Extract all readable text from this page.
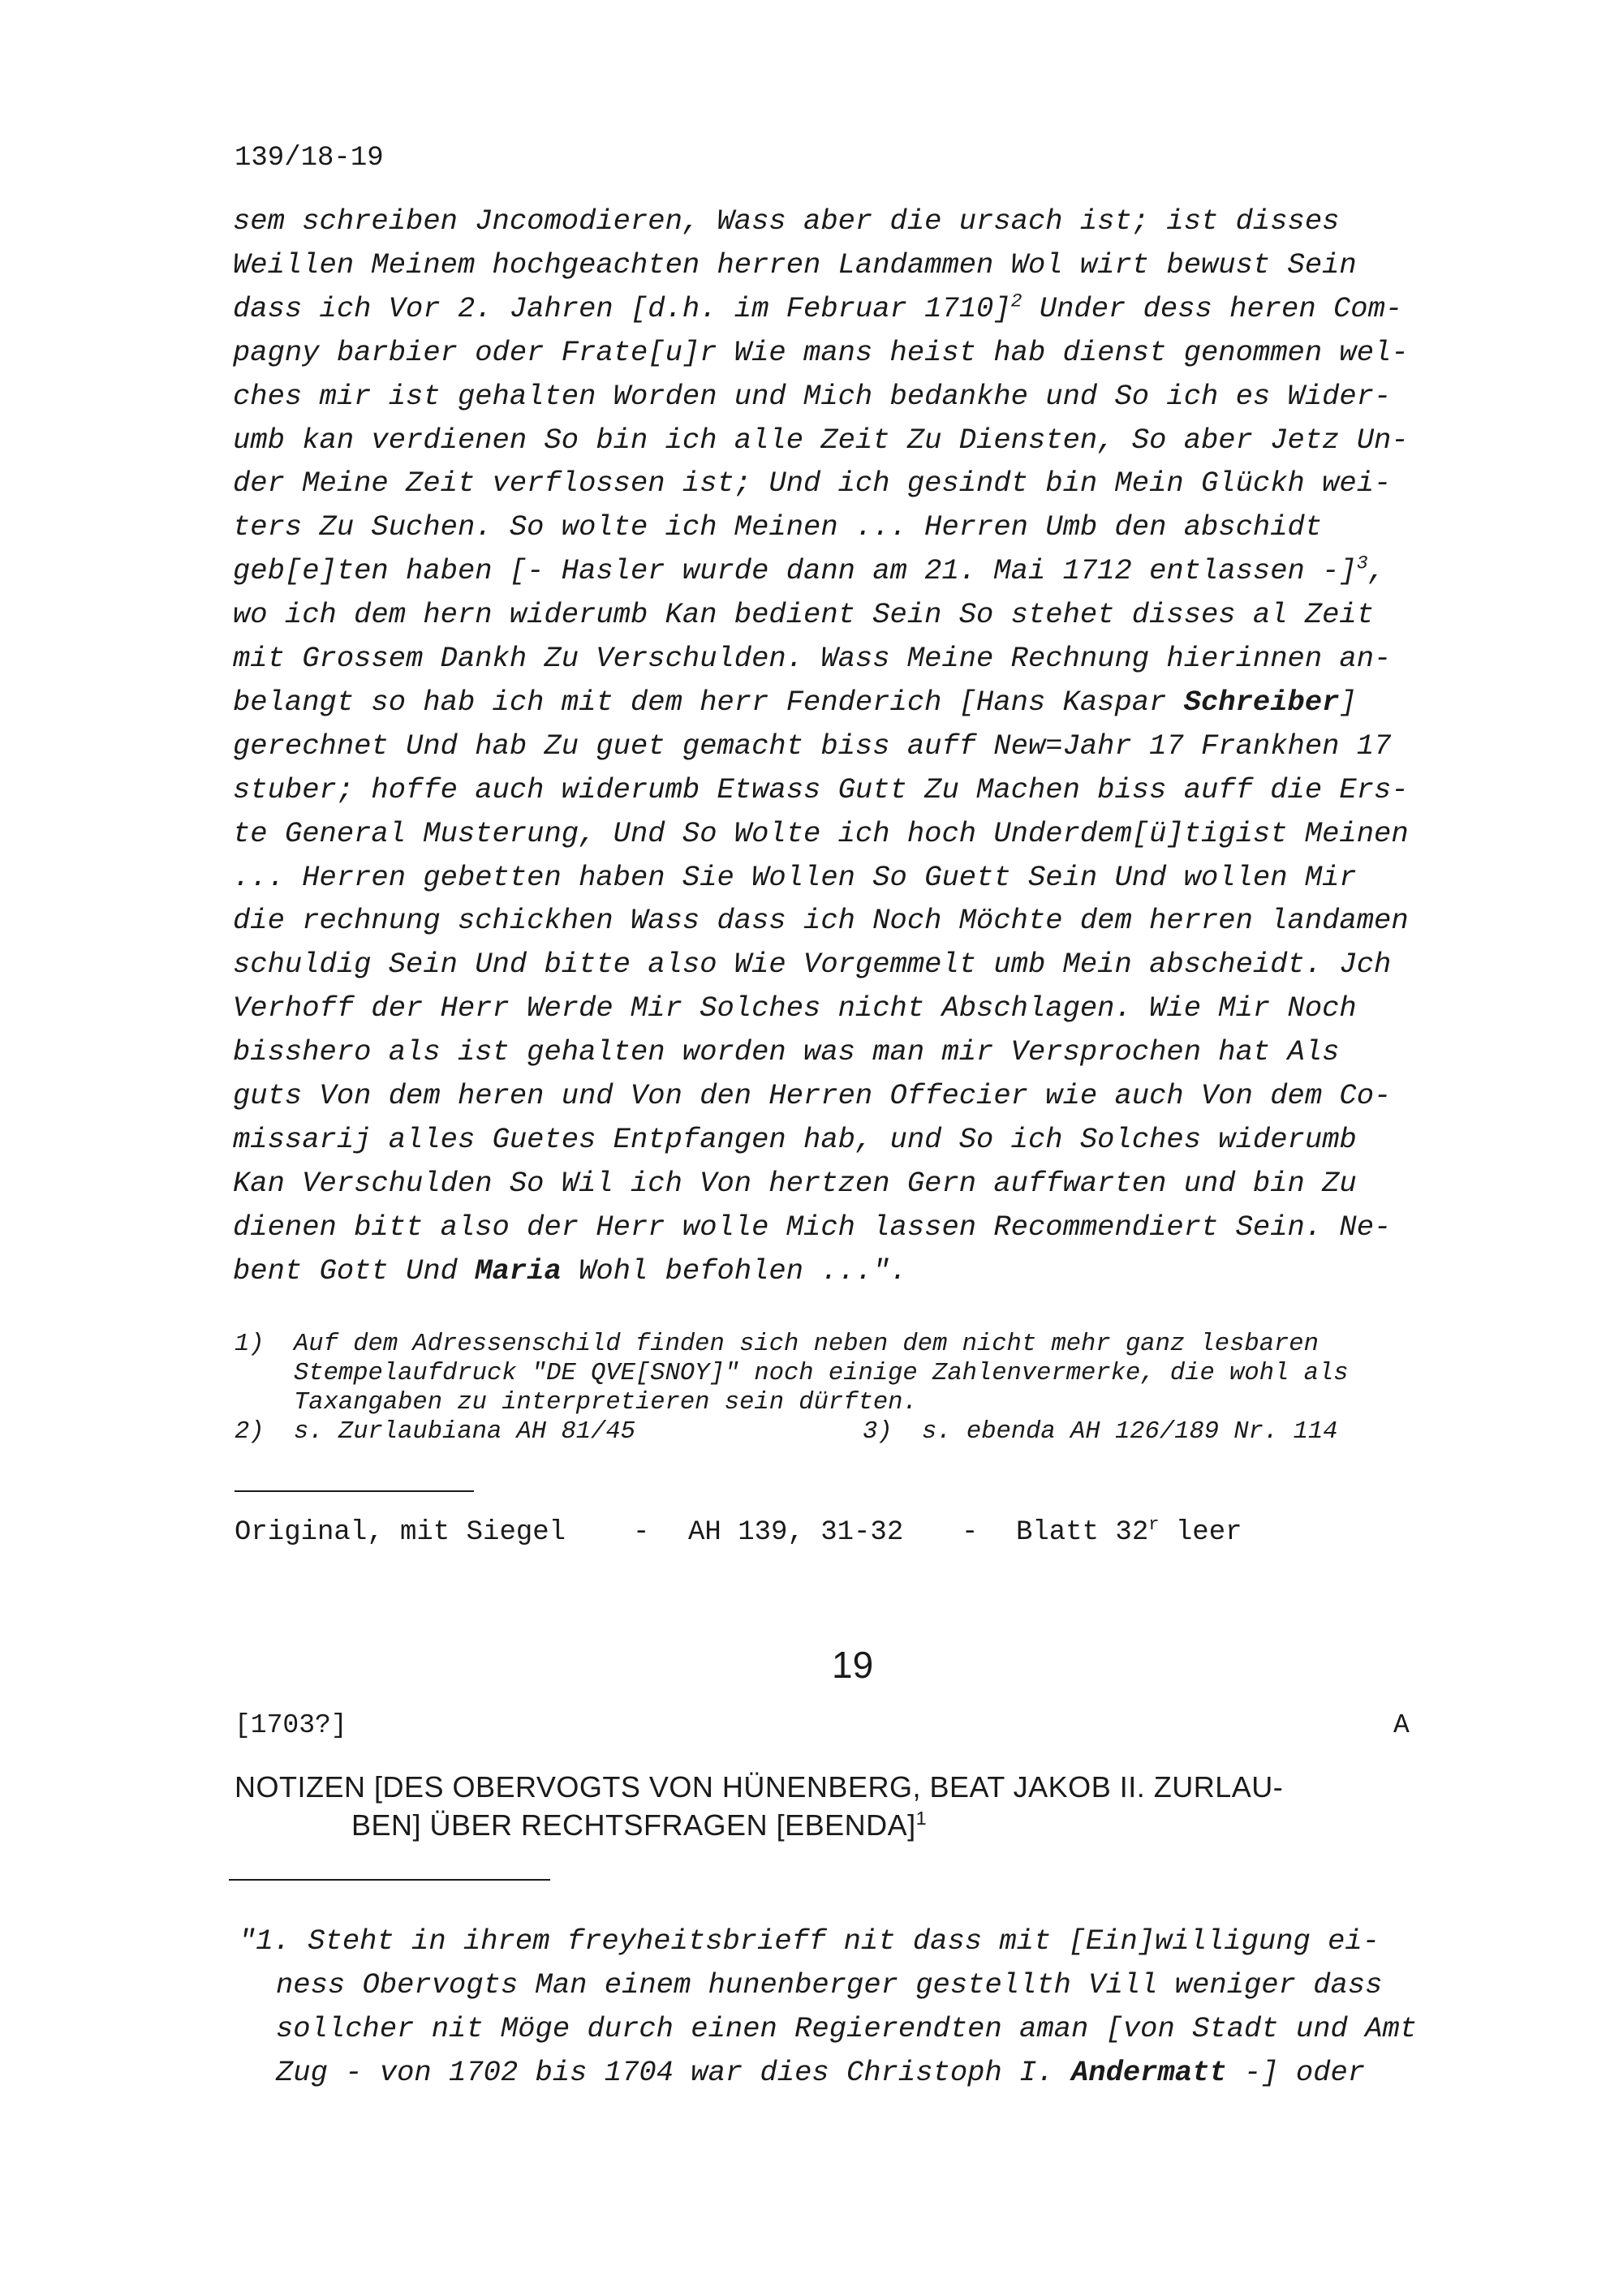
139/18-19
sem schreiben Jncomodieren, Wass aber die ursach ist; ist disses
Weillen Meinem hochgeachten herren Landammen Wol wirt bewust Sein
dass ich Vor 2. Jahren [d.h. im Februar 1710]$^2$ Under dess heren Com-
pagny barbier oder Frate[u]r Wie mans heist hab dienst genommen wel-
ches mir ist gehalten Worden und Mich bedankhe und So ich es Wider-
umb kan verdienen So bin ich alle Zeit Zu Diensten, So aber Jetz Un-
der Meine Zeit verflossen ist; Und ich gesindt bin Mein Glückh wei-
ters Zu Suchen. So wolte ich Meinen ... Herren Umb den abschidt
geb[e]ten haben [- Hasler wurde dann am 21. Mai 1712 entlassen -]$^3$,
wo ich dem hern widerumb Kan bedient Sein So stehet disses al Zeit
mit Grossem Dankh Zu Verschulden. Wass Meine Rechnung hierinnen an-
belangt so hab ich mit dem herr Fenderich [Hans Kaspar Schreiber]
gerechnet Und hab Zu guet gemacht biss auff New=Jahr 17 Frankhen 17
stuber; hoffe auch widerumb Etwass Gutt Zu Machen biss auff die Ers-
te General Musterung, Und So Wolte ich hoch Underdem[ü]tigist Meinen
... Herren gebetten haben Sie Wollen So Guett Sein Und wollen Mir
die rechnung schickhen Wass dass ich Noch Möchte dem herren landamen
schuldig Sein Und bitte also Wie Vorgemmelt umb Mein abscheidt. Jch
Verhoff der Herr Werde Mir Solches nicht Abschlagen. Wie Mir Noch
bisshero als ist gehalten worden was man mir Versprochen hat Als
guts Von dem heren und Von den Herren Offecier wie auch Von dem Co-
missarij alles Guetes Entpfangen hab, und So ich Solches widerumb
Kan Verschulden So Wil ich Von hertzen Gern auffwarten und bin Zu
dienen bitt also der Herr wolle Mich lassen Recommendiert Sein. Ne-
bent Gott Und Maria Wohl befohlen ...".
1) Auf dem Adressenschild finden sich neben dem nicht mehr ganz lesbaren
Stempelaufdruck "DE QVE[SNOY]" noch einige Zahlenvermerke, die wohl als
Taxangaben zu interpretieren sein dürften.
2) s. Zurlaubiana AH 81/45	3) s. ebenda AH 126/189 Nr. 114
Original, mit Siegel - AH 139, 31-32 - Blatt 32$^r$ leer
19
[1703?]	A
NOTIZEN [DES OBERVOGTS VON HÜNENBERG, BEAT JAKOB II. ZURLAU-
BEN] ÜBER RECHTSFRAGEN [EBENDA]$^1$
"1. Steht in ihrem freyheitsbrieff nit dass mit [Ein]willigung ei-
ness Obervogts Man einem hunenberger gestellth Vill weniger dass
sollcher nit Möge durch einen Regierendten aman [von Stadt und Amt
Zug - von 1702 bis 1704 war dies Christoph I. Andermatt -] oder
